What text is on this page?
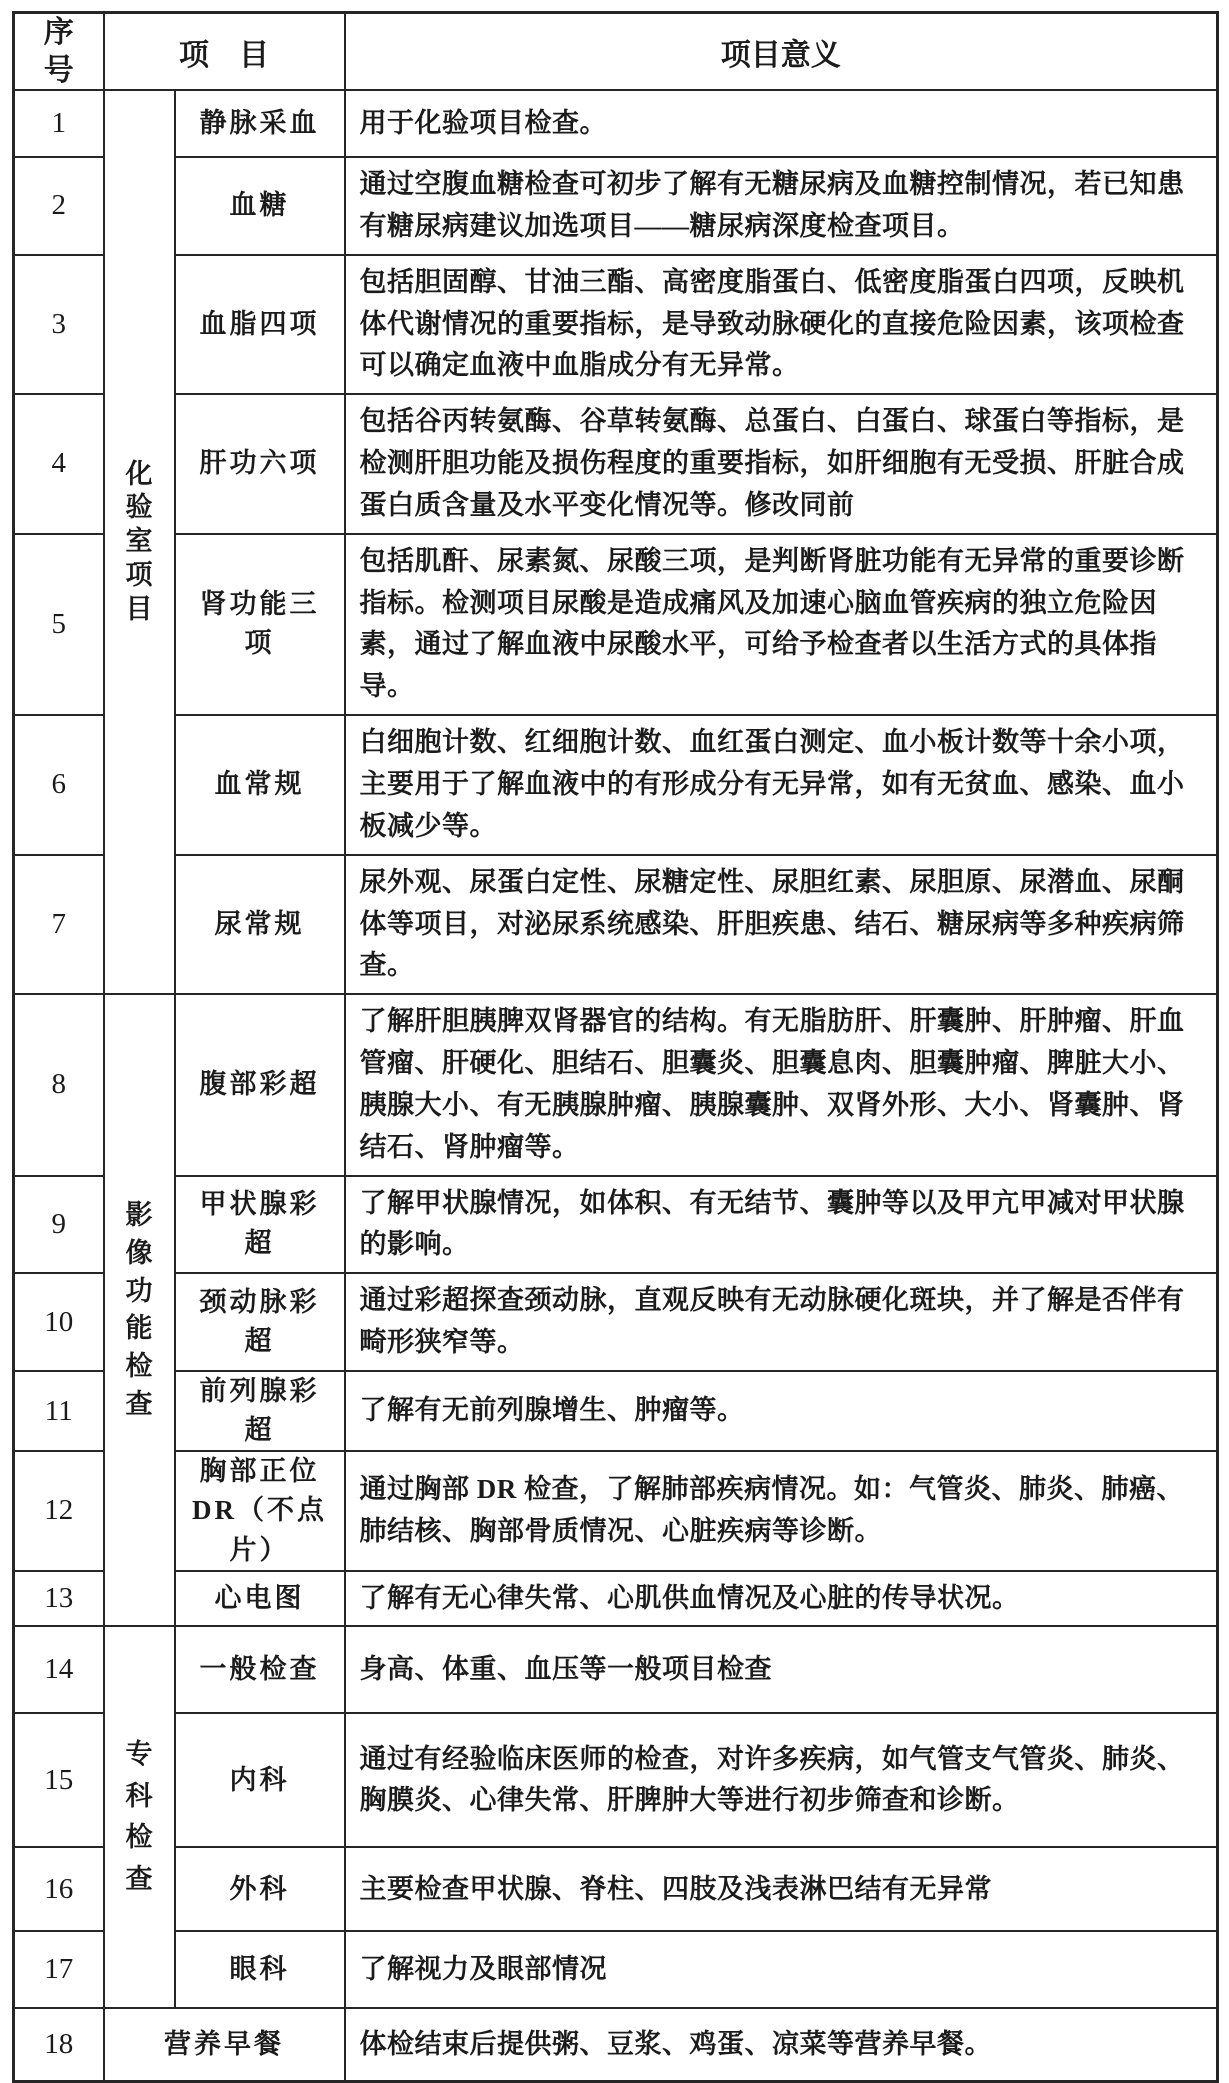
序号	项　目		项目意义
1	化验室项目	静脉采血	用于化验项目检查。
2		血糖	通过空腹血糖检查可初步了解有无糖尿病及血糖控制情况，若已知患有糖尿病建议加选项目——糖尿病深度检查项目。
3		血脂四项	包括胆固醇、甘油三酯、高密度脂蛋白、低密度脂蛋白四项，反映机体代谢情况的重要指标，是导致动脉硬化的直接危险因素，该项检查可以确定血液中血脂成分有无异常。
4		肝功六项	包括谷丙转氨酶、谷草转氨酶、总蛋白、白蛋白、球蛋白等指标，是检测肝胆功能及损伤程度的重要指标，如肝细胞有无受损、肝脏合成蛋白质含量及水平变化情况等。修改同前
5		肾功能三项	包括肌酐、尿素氮、尿酸三项，是判断肾脏功能有无异常的重要诊断指标。检测项目尿酸是造成痛风及加速心脑血管疾病的独立危险因素，通过了解血液中尿酸水平，可给予检查者以生活方式的具体指导。
6		血常规	白细胞计数、红细胞计数、血红蛋白测定、血小板计数等十余小项，主要用于了解血液中的有形成分有无异常，如有无贫血、感染、血小板减少等。
7		尿常规	尿外观、尿蛋白定性、尿糖定性、尿胆红素、尿胆原、尿潜血、尿酮体等项目，对泌尿系统感染、肝胆疾患、结石、糖尿病等多种疾病筛查。
8	影像功能检查	腹部彩超	了解肝胆胰脾双肾器官的结构。有无脂肪肝、肝囊肿、肝肿瘤、肝血管瘤、肝硬化、胆结石、胆囊炎、胆囊息肉、胆囊肿瘤、脾脏大小、胰腺大小、有无胰腺肿瘤、胰腺囊肿、双肾外形、大小、肾囊肿、肾结石、肾肿瘤等。
9		甲状腺彩超	了解甲状腺情况，如体积、有无结节、囊肿等以及甲亢甲减对甲状腺的影响。
10		颈动脉彩超	通过彩超探查颈动脉，直观反映有无动脉硬化斑块，并了解是否伴有畸形狭窄等。
11		前列腺彩超	了解有无前列腺增生、肿瘤等。
12		胸部正位 DR（不点片）	通过胸部 DR 检查，了解肺部疾病情况。如：气管炎、肺炎、肺癌、肺结核、胸部骨质情况、心脏疾病等诊断。
13		心电图	了解有无心律失常、心肌供血情况及心脏的传导状况。
14	专科检查	一般检查	身高、体重、血压等一般项目检查
15		内科	通过有经验临床医师的检查，对许多疾病，如气管支气管炎、肺炎、胸膜炎、心律失常、肝脾肿大等进行初步筛查和诊断。
16		外科	主要检查甲状腺、脊柱、四肢及浅表淋巴结有无异常
17		眼科	了解视力及眼部情况
18	营养早餐		体检结束后提供粥、豆浆、鸡蛋、凉菜等营养早餐。
